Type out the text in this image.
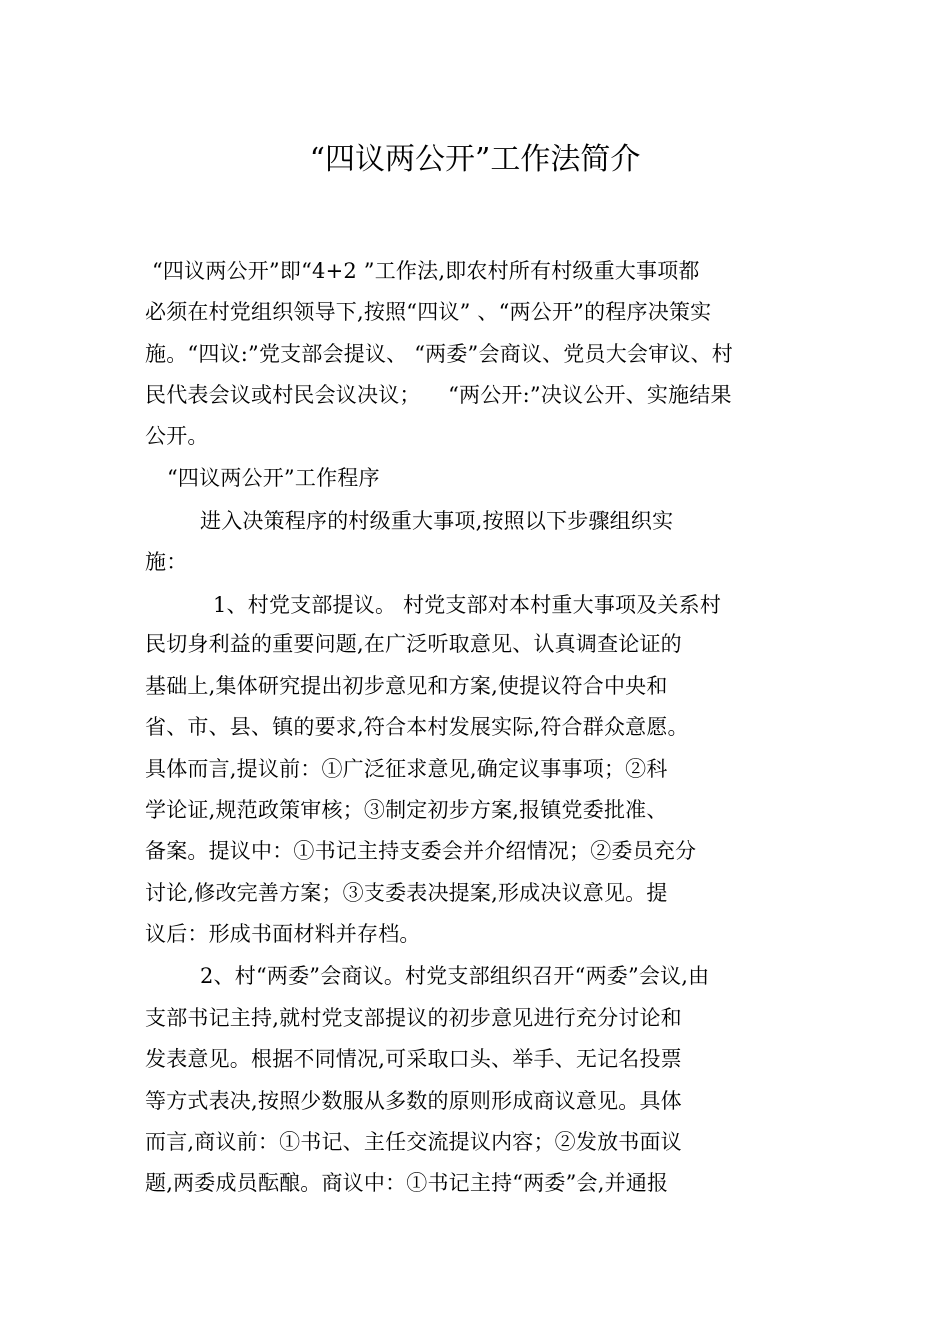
“四议两公开”工作法简介
“四议两公开”即“4+2 ”工作法,即农村所有村级重大事项都
必须在村党组织领导下,按照“四议” 、“两公开”的程序决策实
施。“四议:”党支部会提议、 “两委”会商议、党员大会审议、村
民代表会议或村民会议决议；    “两公开:”决议公开、实施结果
公开。
“四议两公开”工作程序
进入决策程序的村级重大事项,按照以下步骤组织实
施：
1、村党支部提议。 村党支部对本村重大事项及关系村
民切身利益的重要问题,在广泛听取意见、认真调查论证的
基础上,集体研究提出初步意见和方案,使提议符合中央和
省、市、县、镇的要求,符合本村发展实际,符合群众意愿。
具体而言,提议前：①广泛征求意见,确定议事事项；②科
学论证,规范政策审核；③制定初步方案,报镇党委批准、
备案。提议中：①书记主持支委会并介绍情况；②委员充分
讨论,修改完善方案；③支委表决提案,形成决议意见。提
议后：形成书面材料并存档。
2、村“两委”会商议。村党支部组织召开“两委”会议,由
支部书记主持,就村党支部提议的初步意见进行充分讨论和
发表意见。根据不同情况,可采取口头、举手、无记名投票
等方式表决,按照少数服从多数的原则形成商议意见。具体
而言,商议前：①书记、主任交流提议内容；②发放书面议
题,两委成员酝酿。商议中：①书记主持“两委”会,并通报
